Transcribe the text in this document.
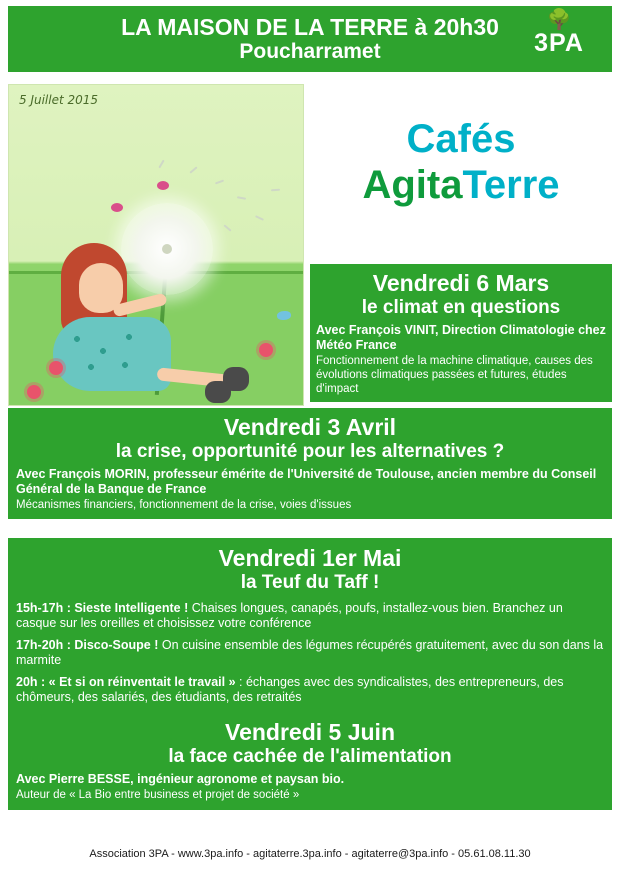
LA MAISON DE LA TERRE à 20h30
Poucharramet
🌳
3PA
5 Juillet 2015
Cafés
AgitaTerre
Vendredi 6 Mars
le climat en questions
Avec François VINIT, Direction Climatologie chez Météo France
Fonctionnement de la machine climatique, causes des évolutions climatiques passées et futures, études d'impact
Vendredi 3 Avril
la crise, opportunité pour les alternatives ?
Avec François MORIN, professeur émérite de l'Université de Toulouse, ancien membre du Conseil Général de la Banque de France
Mécanismes financiers, fonctionnement de la crise, voies d'issues
Vendredi 1er Mai
la Teuf du Taff !
15h-17h : Sieste Intelligente ! Chaises longues, canapés, poufs, installez-vous bien. Branchez un casque sur les oreilles et choisissez votre conférence
17h-20h : Disco-Soupe ! On cuisine ensemble des légumes récupérés gratuitement, avec du son dans la marmite
20h : « Et si on réinventait le travail » : échanges avec des syndicalistes, des entrepreneurs, des chômeurs, des salariés, des étudiants, des retraités
Vendredi 5 Juin
la face cachée de l'alimentation
Avec Pierre BESSE, ingénieur agronome et paysan bio.
Auteur de « La Bio entre business et projet de société »
Association 3PA - www.3pa.info - agitaterre.3pa.info - agitaterre@3pa.info - 05.61.08.11.30
